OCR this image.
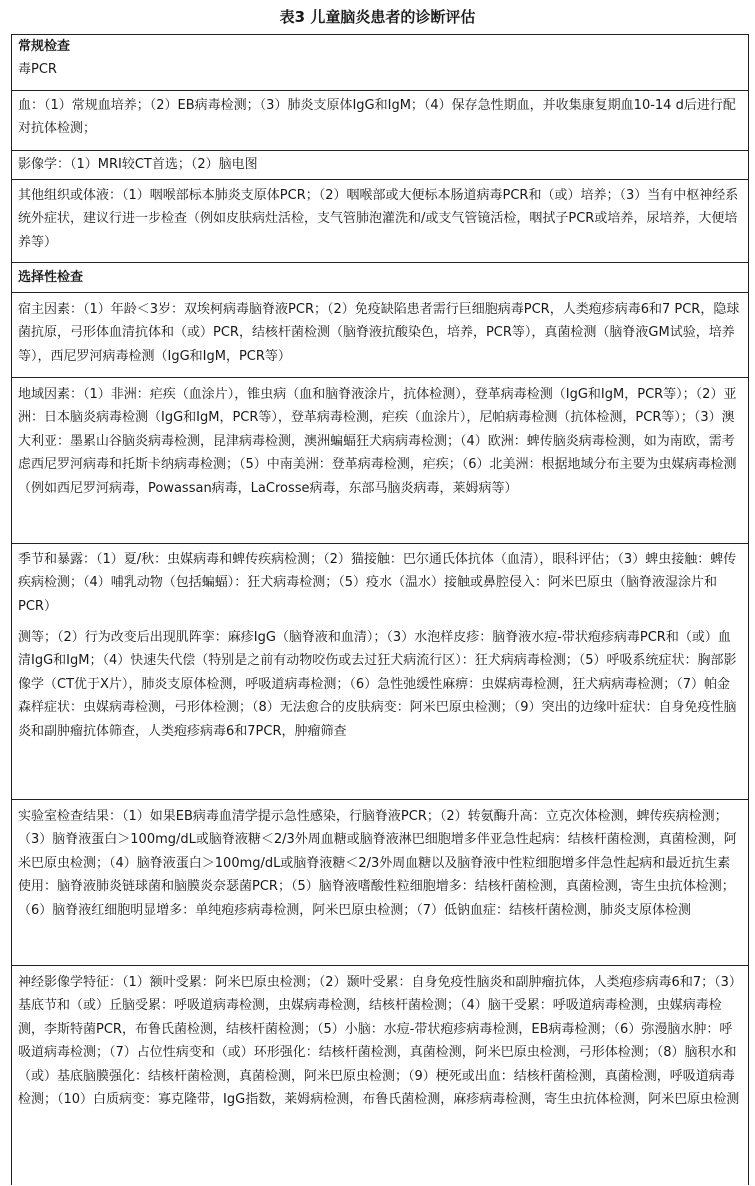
表3 儿童脑炎患者的诊断评估

常规检查

毒PCR

血：（1）常规血培养；（2）EB病毒检测；（3）肺炎支原体IgG和IgM；（4）保存急性期血，并收集康复期血10-14 d后进行配对抗体检测；

影像学：（1）MRI较CT首选；（2）脑电图

其他组织或体液：（1）咽喉部标本肺炎支原体PCR；（2）咽喉部或大便标本肠道病毒PCR和（或）培养；（3）当有中枢神经系统外症状，建议行进一步检查（例如皮肤病灶活检，支气管肺泡灌洗和/或支气管镜活检，咽拭子PCR或培养，尿培养，大便培养等）

选择性检查

宿主因素：（1）年龄＜3岁：双埃柯病毒脑脊液PCR；（2）免疫缺陷患者需行巨细胞病毒PCR，人类疱疹病毒6和7 PCR，隐球菌抗原，弓形体血清抗体和（或）PCR，结核杆菌检测（脑脊液抗酸染色，培养，PCR等），真菌检测（脑脊液GM试验，培养等），西尼罗河病毒检测（IgG和IgM，PCR等）

地域因素：（1）非洲：疟疾（血涂片），锥虫病（血和脑脊液涂片，抗体检测），登革病毒检测（IgG和IgM，PCR等）；（2）亚洲：日本脑炎病毒检测（IgG和IgM，PCR等），登革病毒检测，疟疾（血涂片），尼帕病毒检测（抗体检测，PCR等）；（3）澳大利亚：墨累山谷脑炎病毒检测，昆津病毒检测，澳洲蝙蝠狂犬病病毒检测；（4）欧洲：蜱传脑炎病毒检测，如为南欧，需考虑西尼罗河病毒和托斯卡纳病毒检测；（5）中南美洲：登革病毒检测，疟疾；（6）北美洲：根据地域分布主要为虫媒病毒检测（例如西尼罗河病毒，Powassan病毒，LaCrosse病毒，东部马脑炎病毒，莱姆病等）

季节和暴露：（1）夏/秋：虫媒病毒和蜱传疾病检测；（2）猫接触：巴尔通氏体抗体（血清），眼科评估；（3）蜱虫接触：蜱传疾病检测；（4）哺乳动物（包括蝙蝠）：狂犬病毒检测；（5）疫水（温水）接触或鼻腔侵入：阿米巴原虫（脑脊液湿涂片和PCR）

测等；（2）行为改变后出现肌阵挛：麻疹IgG（脑脊液和血清）；（3）水泡样皮疹：脑脊液水痘-带状疱疹病毒PCR和（或）血清IgG和IgM；（4）快速失代偿（特别是之前有动物咬伤或去过狂犬病流行区）：狂犬病病毒检测；（5）呼吸系统症状：胸部影像学（CT优于X片），肺炎支原体检测，呼吸道病毒检测；（6）急性弛缓性麻痹：虫媒病毒检测，狂犬病病毒检测；（7）帕金森样症状：虫媒病毒检测，弓形体检测；（8）无法愈合的皮肤病变：阿米巴原虫检测；（9）突出的边缘叶症状：自身免疫性脑炎和副肿瘤抗体筛查，人类疱疹病毒6和7PCR，肿瘤筛查

实验室检查结果：（1）如果EB病毒血清学提示急性感染，行脑脊液PCR；（2）转氨酶升高：立克次体检测，蜱传疾病检测；（3）脑脊液蛋白＞100mg/dL或脑脊液糖＜2/3外周血糖或脑脊液淋巴细胞增多伴亚急性起病：结核杆菌检测，真菌检测，阿米巴原虫检测；（4）脑脊液蛋白＞100mg/dL或脑脊液糖＜2/3外周血糖以及脑脊液中性粒细胞增多伴急性起病和最近抗生素使用：脑脊液肺炎链球菌和脑膜炎奈瑟菌PCR；（5）脑脊液嗜酸性粒细胞增多：结核杆菌检测，真菌检测，寄生虫抗体检测；（6）脑脊液红细胞明显增多：单纯疱疹病毒检测，阿米巴原虫检测；（7）低钠血症：结核杆菌检测，肺炎支原体检测

神经影像学特征：（1）额叶受累：阿米巴原虫检测；（2）颞叶受累：自身免疫性脑炎和副肿瘤抗体，人类疱疹病毒6和7；（3）基底节和（或）丘脑受累：呼吸道病毒检测，虫媒病毒检测，结核杆菌检测；（4）脑干受累：呼吸道病毒检测，虫媒病毒检测，李斯特菌PCR，布鲁氏菌检测，结核杆菌检测；（5）小脑：水痘-带状疱疹病毒检测，EB病毒检测；（6）弥漫脑水肿：呼吸道病毒检测；（7）占位性病变和（或）环形强化：结核杆菌检测，真菌检测，阿米巴原虫检测，弓形体检测；（8）脑积水和（或）基底脑膜强化：结核杆菌检测，真菌检测，阿米巴原虫检测；（9）梗死或出血：结核杆菌检测，真菌检测，呼吸道病毒检测；（10）白质病变：寡克隆带，IgG指数，莱姆病检测，布鲁氏菌检测，麻疹病毒检测，寄生虫抗体检测，阿米巴原虫检测
